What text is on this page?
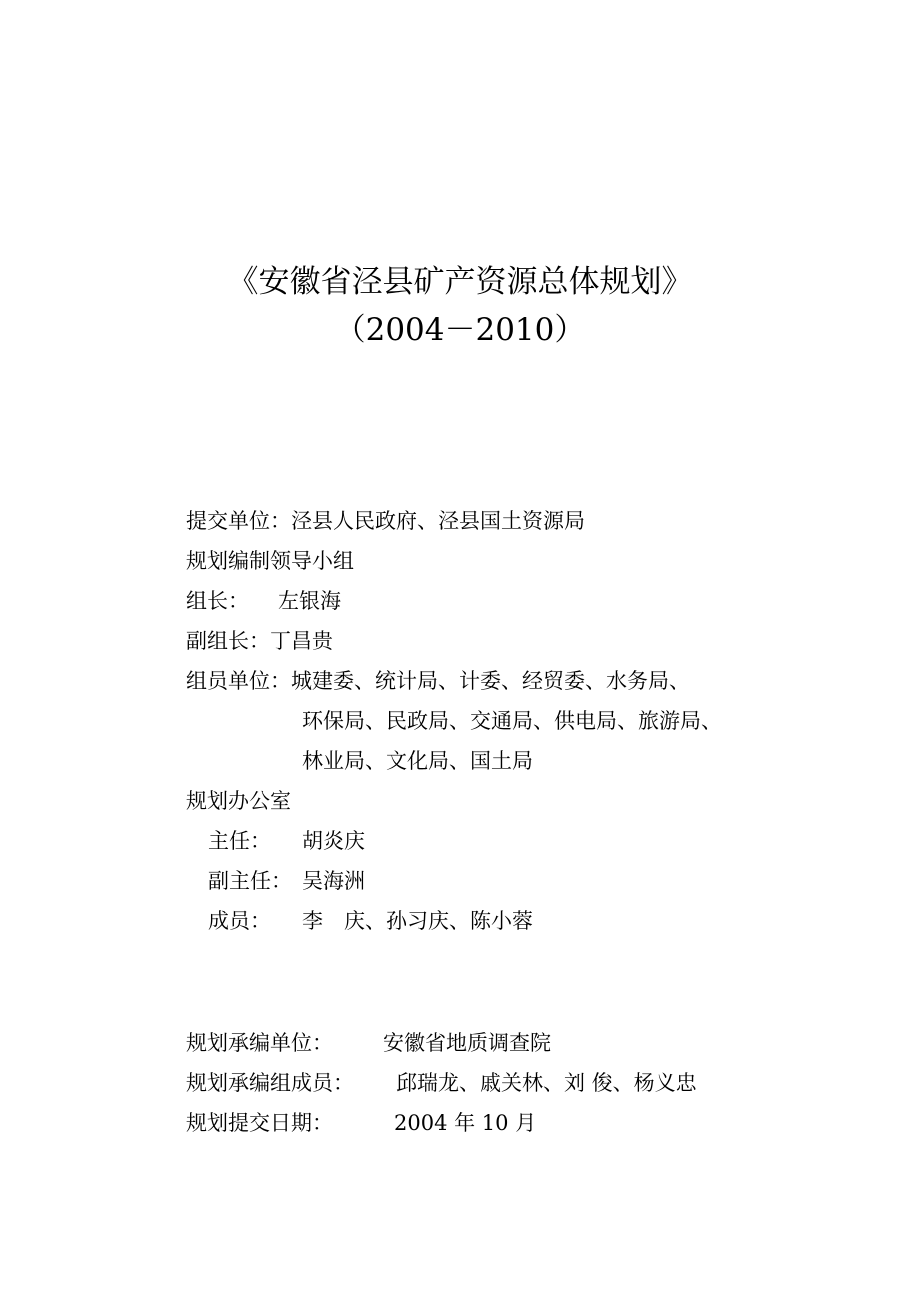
《安徽省泾县矿产资源总体规划》
（2004－2010）
提交单位：泾县人民政府、泾县国土资源局
规划编制领导小组
组长： 左银海
副组长：丁昌贵
组员单位：城建委、统计局、计委、经贸委、水务局、
环保局、民政局、交通局、供电局、旅游局、
林业局、文化局、国土局
规划办公室
主任： 胡炎庆
副主任： 吴海洲
成员： 李　庆、孙习庆、陈小蓉
规划承编单位： 安徽省地质调查院
规划承编组成员： 邱瑞龙、戚关林、刘 俊、杨义忠
规划提交日期：	2004 年 10 月
